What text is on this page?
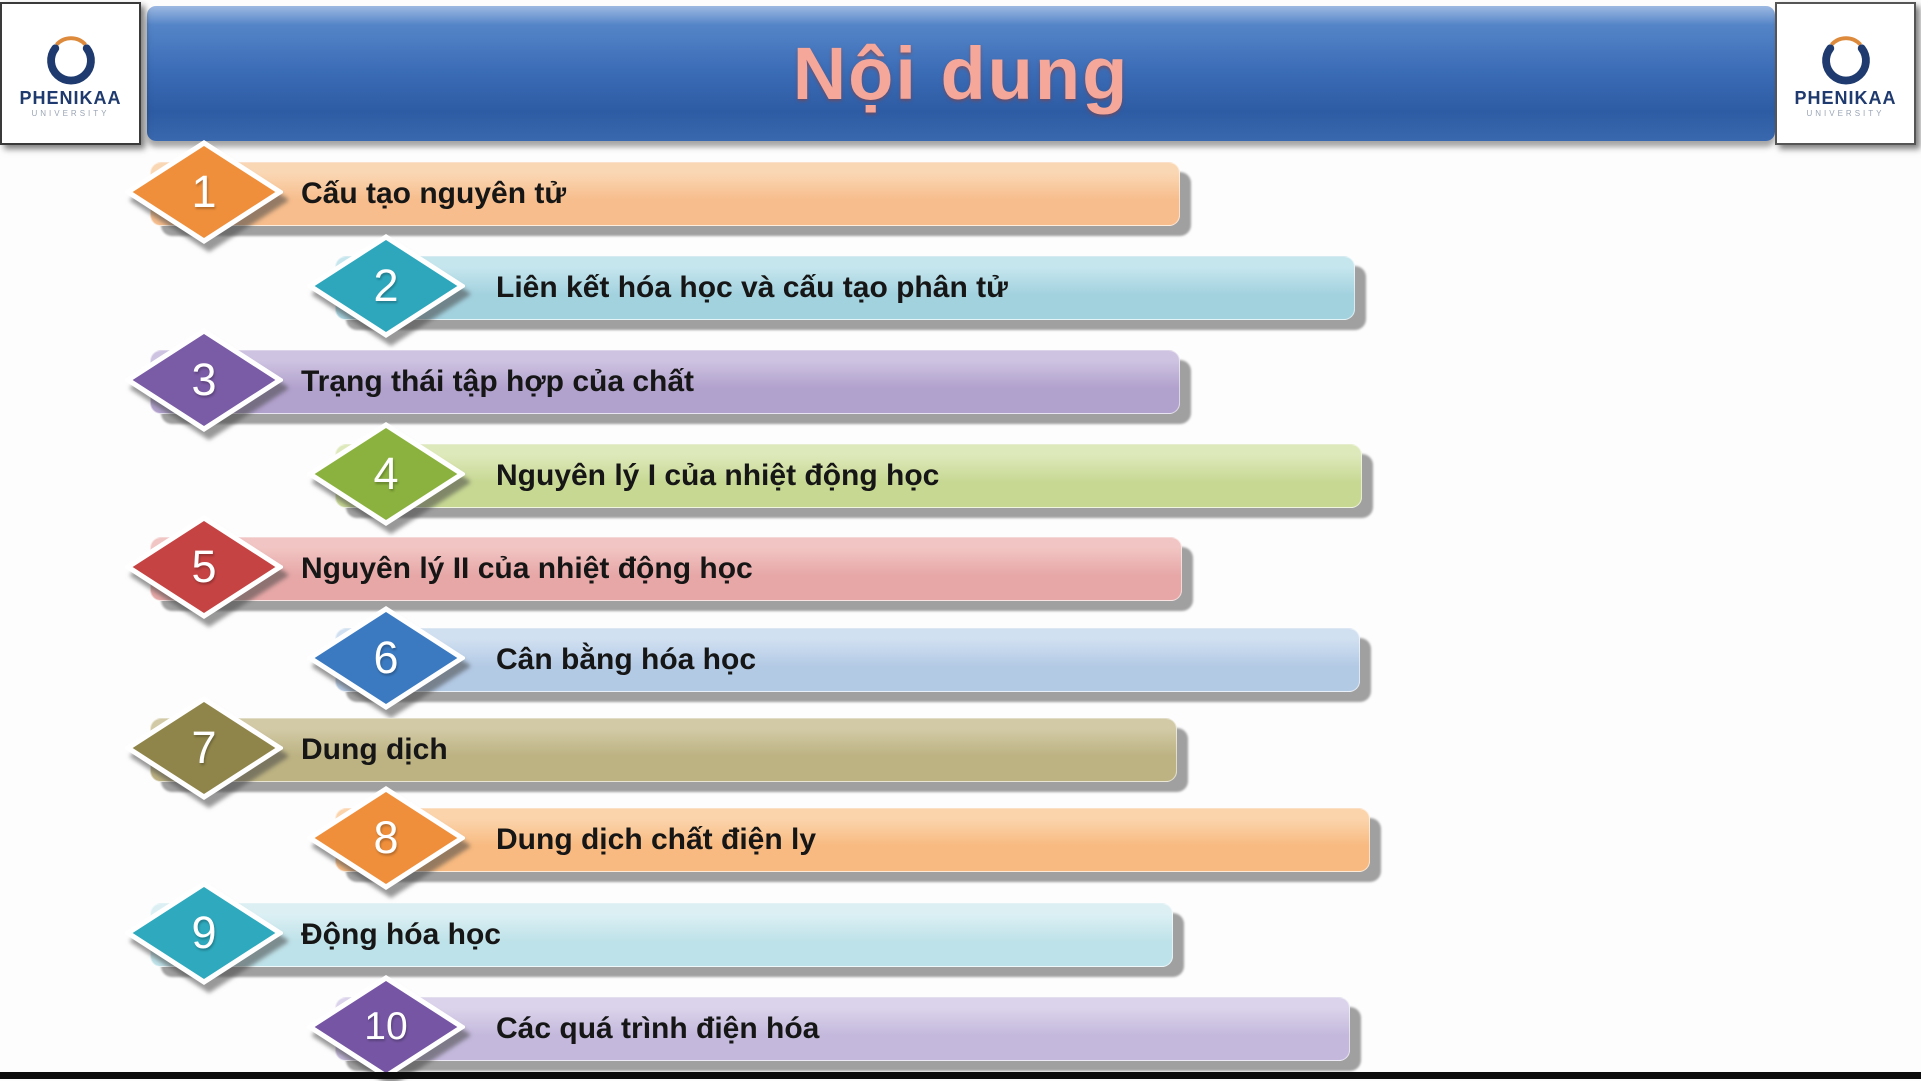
Nội dung
PHENIKAA
UNIVERSITY
PHENIKAA
UNIVERSITY
Cấu tạo nguyên tử
1
Liên kết hóa học và cấu tạo phân tử
2
Trạng thái tập hợp của chất
3
Nguyên lý I của nhiệt động học
4
Nguyên lý II của nhiệt động học
5
Cân bằng hóa học
6
Dung dịch
7
Dung dịch chất điện ly
8
Động hóa học
9
Các quá trình điện hóa
10
